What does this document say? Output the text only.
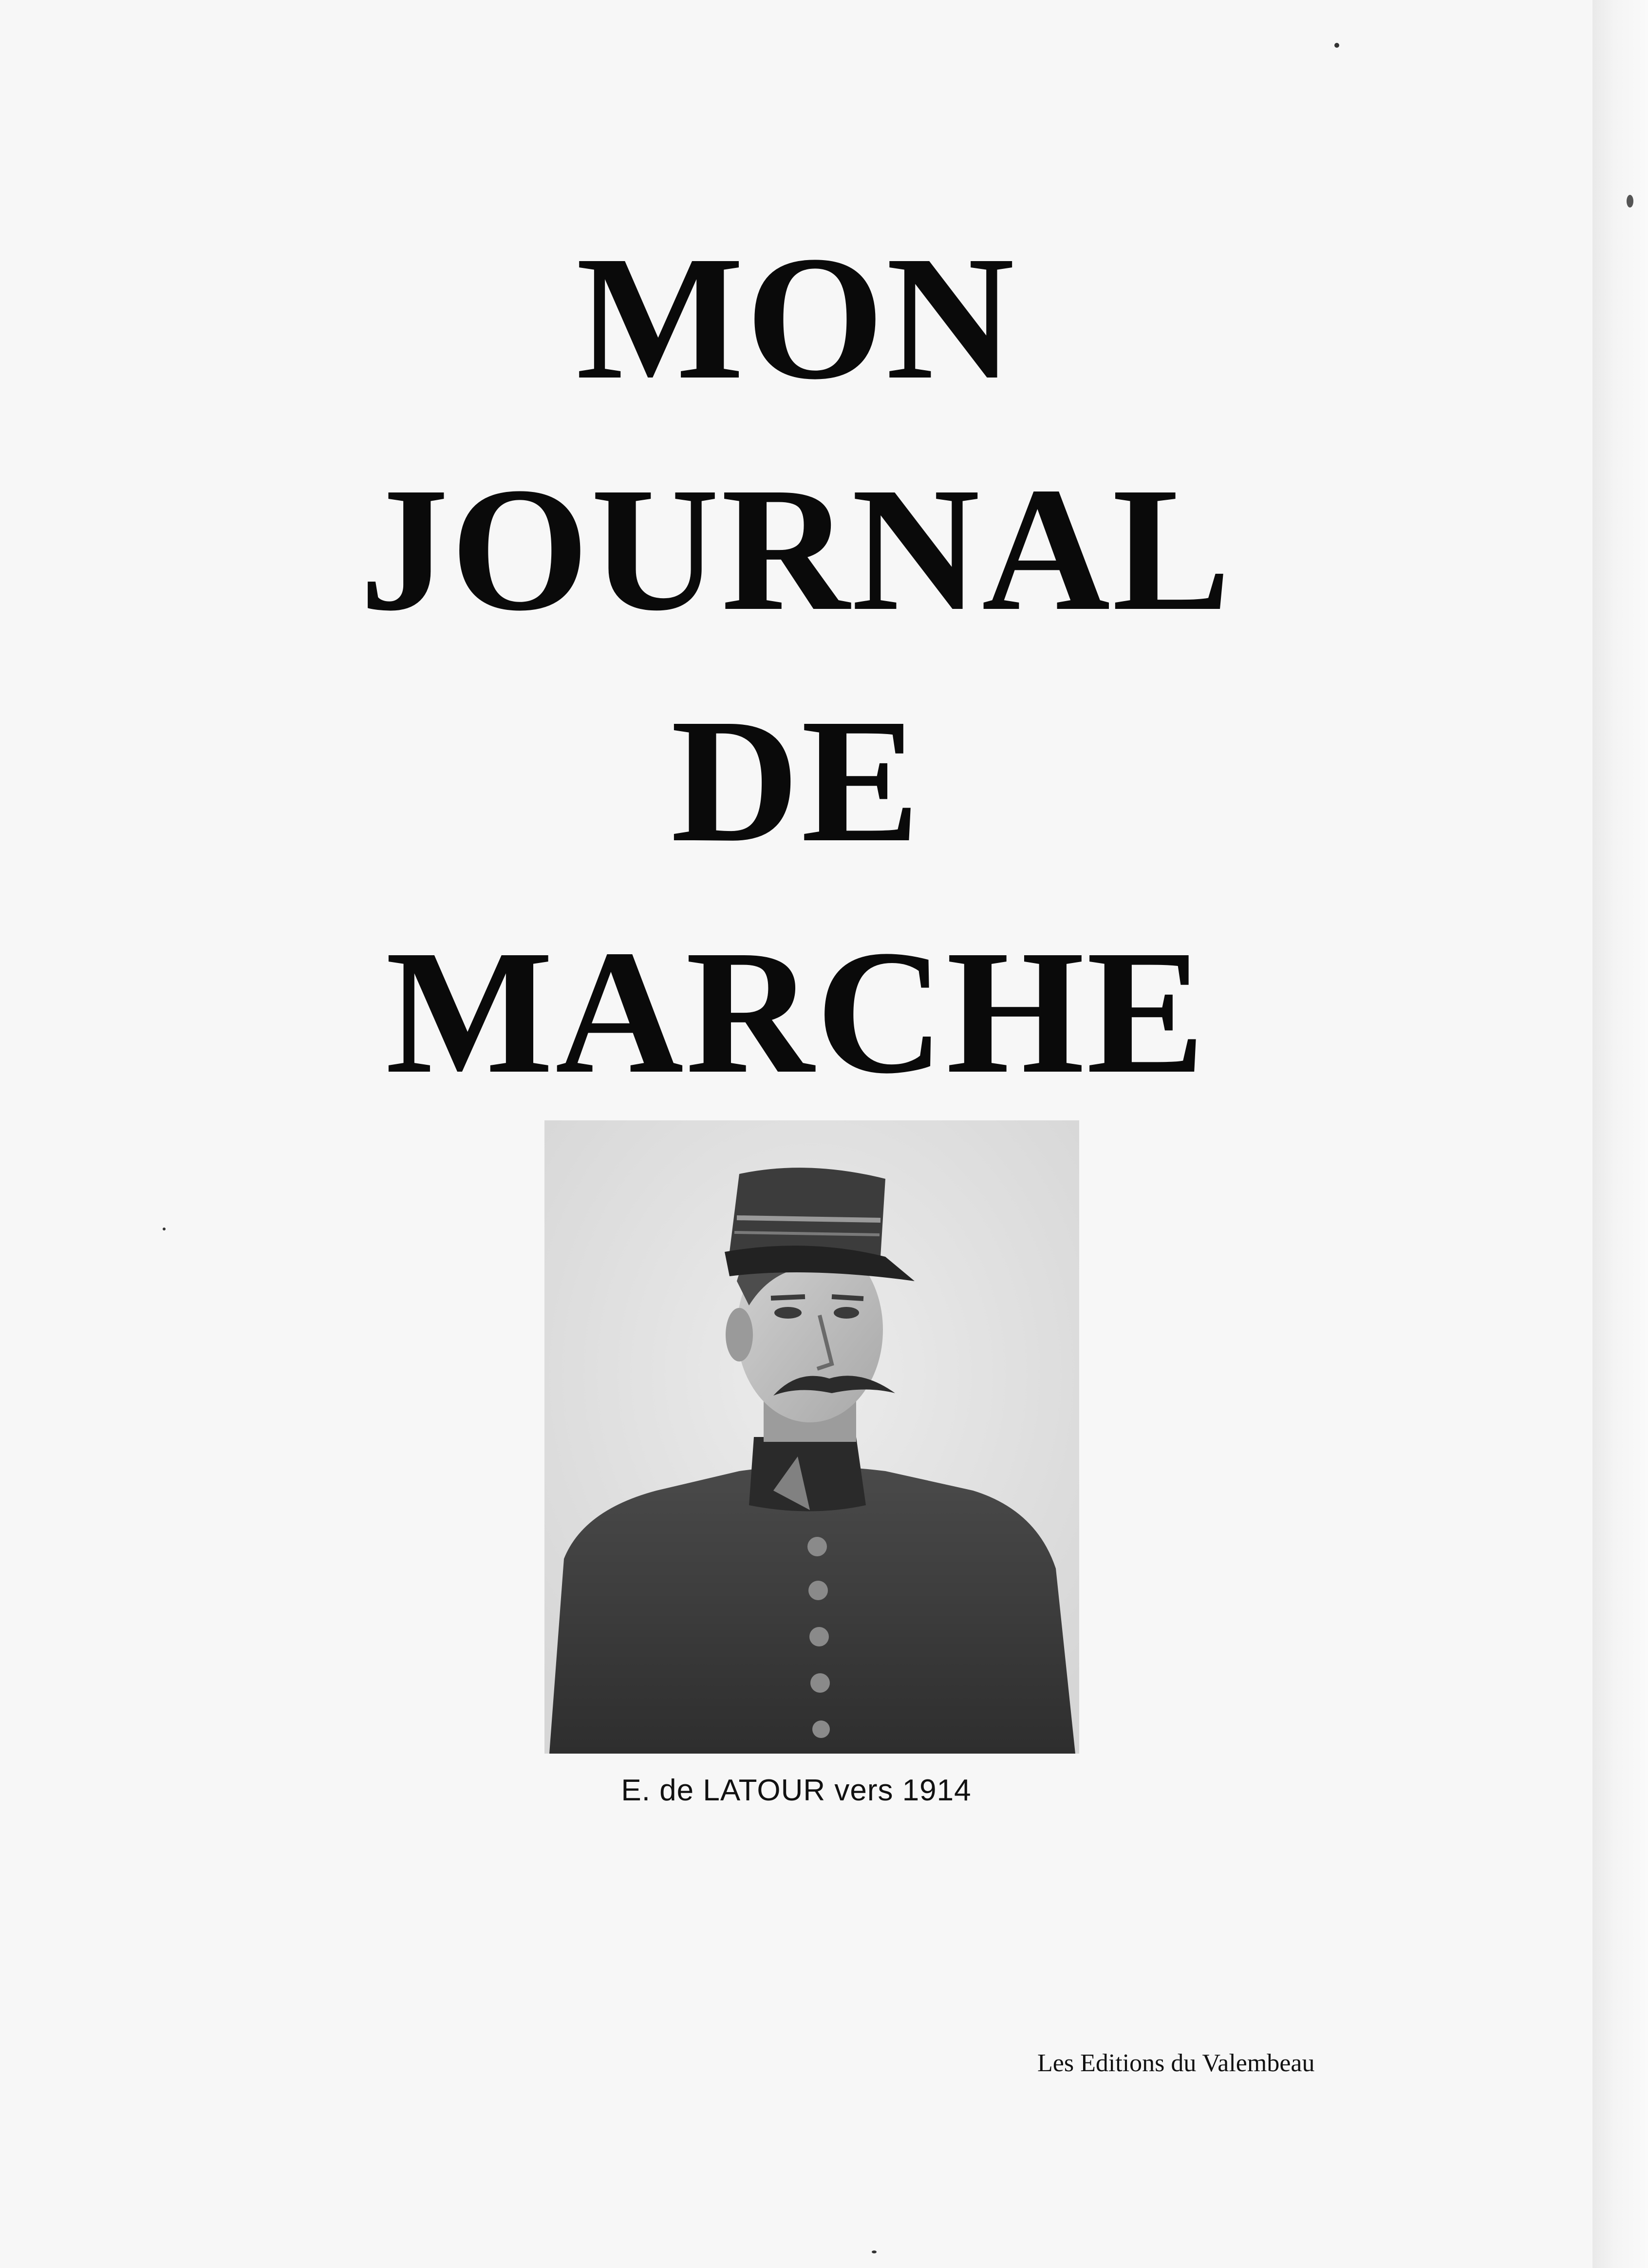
MON
JOURNAL
DE
MARCHE
E. de LATOUR vers 1914
Les Editions du Valembeau
